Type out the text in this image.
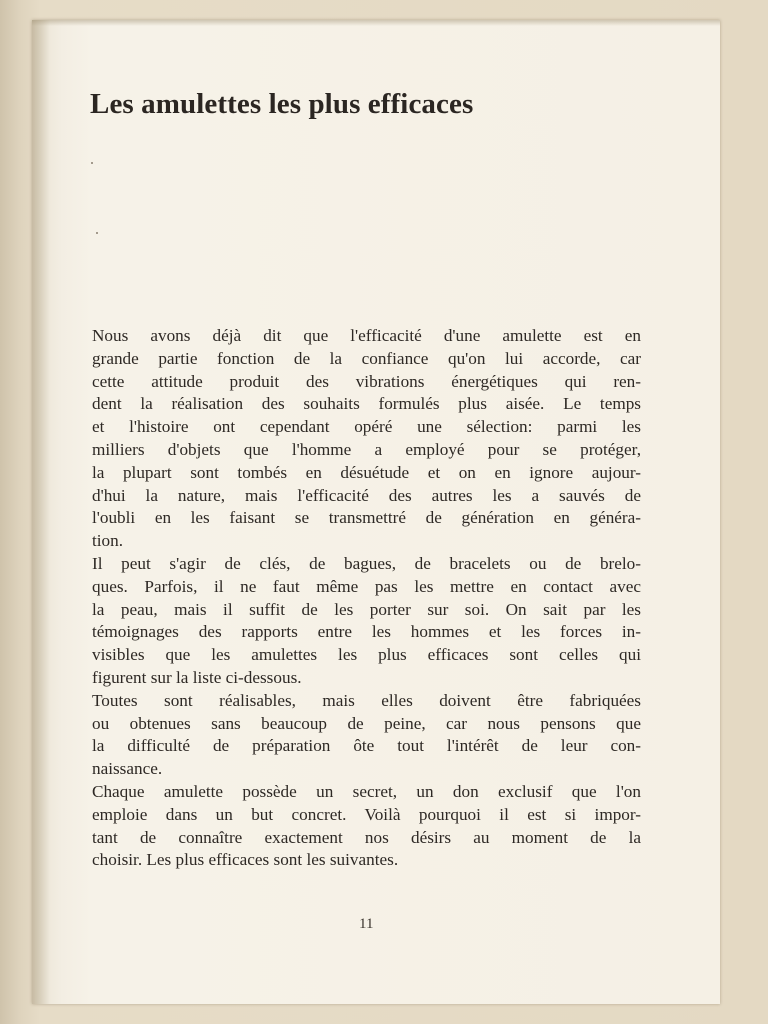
Les amulettes les plus efficaces
Nous avons déjà dit que l'efficacité d'une amulette est en
grande partie fonction de la confiance qu'on lui accorde, car
cette attitude produit des vibrations énergétiques qui ren-
dent la réalisation des souhaits formulés plus aisée. Le temps
et l'histoire ont cependant opéré une sélection: parmi les
milliers d'objets que l'homme a employé pour se protéger,
la plupart sont tombés en désuétude et on en ignore aujour-
d'hui la nature, mais l'efficacité des autres les a sauvés de
l'oubli en les faisant se transmettré de génération en généra-
tion.
Il peut s'agir de clés, de bagues, de bracelets ou de brelo-
ques. Parfois, il ne faut même pas les mettre en contact avec
la peau, mais il suffit de les porter sur soi. On sait par les
témoignages des rapports entre les hommes et les forces in-
visibles que les amulettes les plus efficaces sont celles qui
figurent sur la liste ci-dessous.
Toutes sont réalisables, mais elles doivent être fabriquées
ou obtenues sans beaucoup de peine, car nous pensons que
la difficulté de préparation ôte tout l'intérêt de leur con-
naissance.
Chaque amulette possède un secret, un don exclusif que l'on
emploie dans un but concret. Voilà pourquoi il est si impor-
tant de connaître exactement nos désirs au moment de la
choisir. Les plus efficaces sont les suivantes.
11
